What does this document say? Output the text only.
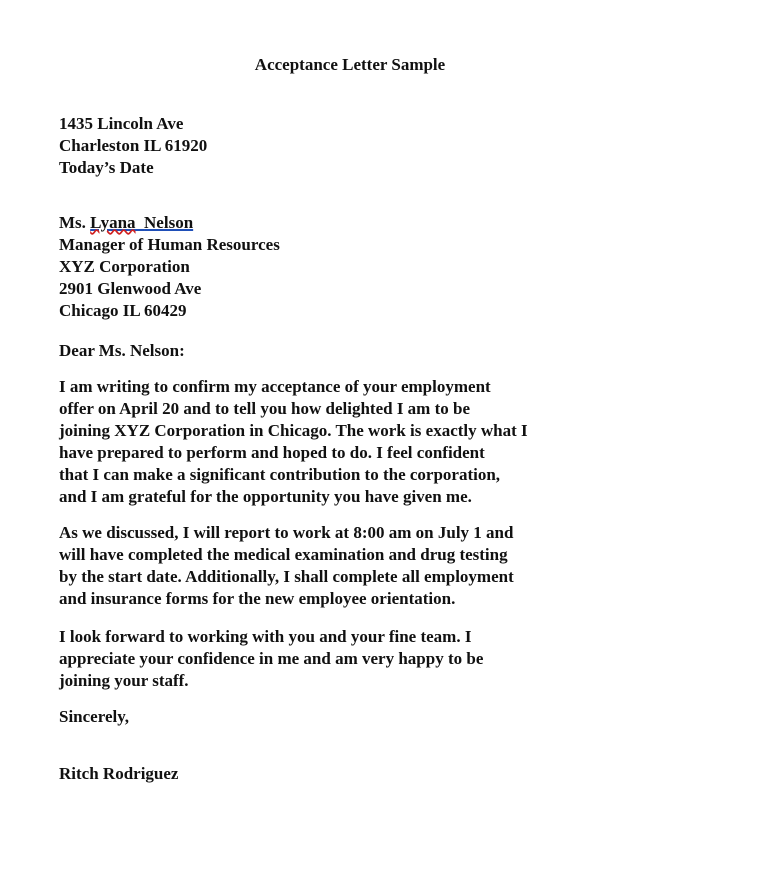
Acceptance Letter Sample
1435 Lincoln Ave
Charleston IL 61920
Today’s Date
Ms. Lyana Nelson
Manager of Human Resources
XYZ Corporation
2901 Glenwood Ave
Chicago IL 60429
Dear Ms. Nelson:
I am writing to confirm my acceptance of your employment
offer on April 20 and to tell you how delighted I am to be
joining XYZ Corporation in Chicago. The work is exactly what I
have prepared to perform and hoped to do. I feel confident
that I can make a significant contribution to the corporation,
and I am grateful for the opportunity you have given me.
As we discussed, I will report to work at 8:00 am on July 1 and
will have completed the medical examination and drug testing
by the start date. Additionally, I shall complete all employment
and insurance forms for the new employee orientation.
I look forward to working with you and your fine team. I
appreciate your confidence in me and am very happy to be
joining your staff.
Sincerely,
Ritch Rodriguez
